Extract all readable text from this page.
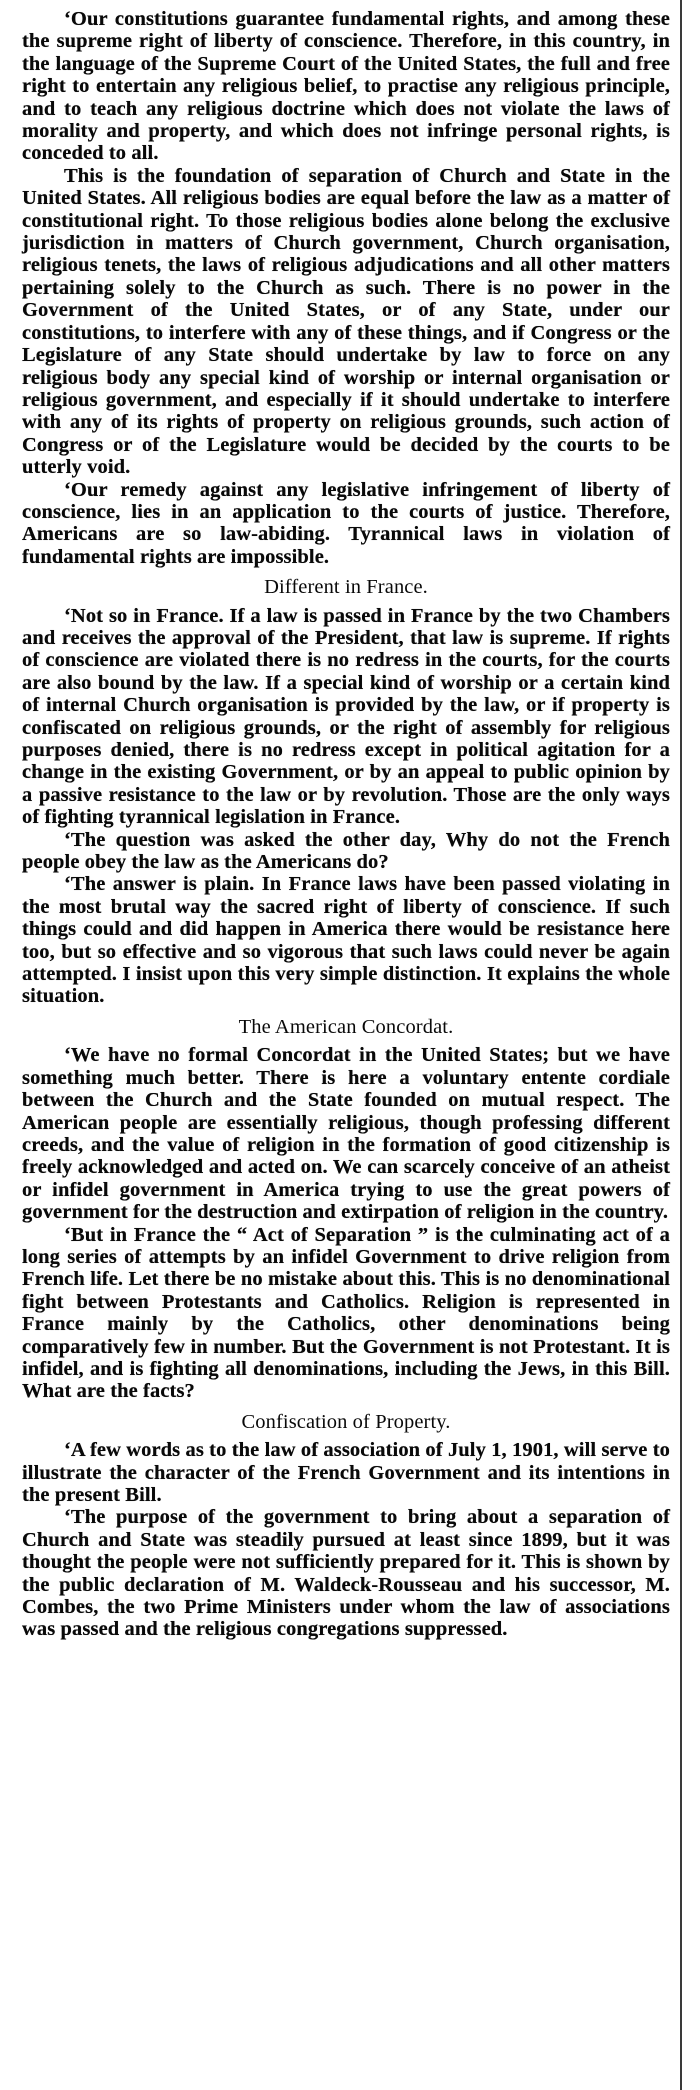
‘Our constitutions guarantee fundamental rights, and among these the supreme right of liberty of conscience. Therefore, in this country, in the language of the Supreme Court of the United States, the full and free right to entertain any religious belief, to practise any religious principle, and to teach any religious doctrine which does not violate the laws of morality and property, and which does not infringe personal rights, is conceded to all.

This is the foundation of separation of Church and State in the United States. All religious bodies are equal before the law as a matter of constitutional right. To those religious bodies alone belong the exclusive jurisdiction in matters of Church government, Church organisation, religious tenets, the laws of religious adjudications and all other matters pertaining solely to the Church as such. There is no power in the Government of the United States, or of any State, under our constitutions, to interfere with any of these things, and if Congress or the Legislature of any State should undertake by law to force on any religious body any special kind of worship or internal organisation or religious government, and especially if it should undertake to interfere with any of its rights of property on religious grounds, such action of Congress or of the Legislature would be decided by the courts to be utterly void.

‘Our remedy against any legislative infringement of liberty of conscience, lies in an application to the courts of justice. Therefore, Americans are so law-abiding. Tyrannical laws in violation of fundamental rights are impossible.

Different in France.

‘Not so in France. If a law is passed in France by the two Chambers and receives the approval of the President, that law is supreme. If rights of conscience are violated there is no redress in the courts, for the courts are also bound by the law. If a special kind of worship or a certain kind of internal Church organisation is provided by the law, or if property is confiscated on religious grounds, or the right of assembly for religious purposes denied, there is no redress except in political agitation for a change in the existing Government, or by an appeal to public opinion by a passive resistance to the law or by revolution. Those are the only ways of fighting tyrannical legislation in France.

‘The question was asked the other day, Why do not the French people obey the law as the Americans do?

‘The answer is plain. In France laws have been passed violating in the most brutal way the sacred right of liberty of conscience. If such things could and did happen in America there would be resistance here too, but so effective and so vigorous that such laws could never be again attempted. I insist upon this very simple distinction. It explains the whole situation.

The American Concordat.

‘We have no formal Concordat in the United States; but we have something much better. There is here a voluntary entente cordiale between the Church and the State founded on mutual respect. The American people are essentially religious, though professing different creeds, and the value of religion in the formation of good citizenship is freely acknowledged and acted on. We can scarcely conceive of an atheist or infidel government in America trying to use the great powers of government for the destruction and extirpation of religion in the country.

‘But in France the “ Act of Separation ” is the culminating act of a long series of attempts by an infidel Government to drive religion from French life. Let there be no mistake about this. This is no denominational fight between Protestants and Catholics. Religion is represented in France mainly by the Catholics, other denominations being comparatively few in number. But the Government is not Protestant. It is infidel, and is fighting all denominations, including the Jews, in this Bill. What are the facts?

Confiscation of Property.

‘A few words as to the law of association of July 1, 1901, will serve to illustrate the character of the French Government and its intentions in the present Bill.

‘The purpose of the government to bring about a separation of Church and State was steadily pursued at least since 1899, but it was thought the people were not sufficiently prepared for it. This is shown by the public declaration of M. Waldeck-Rousseau and his successor, M. Combes, the two Prime Ministers under whom the law of associations was passed and the religious congregations suppressed.
